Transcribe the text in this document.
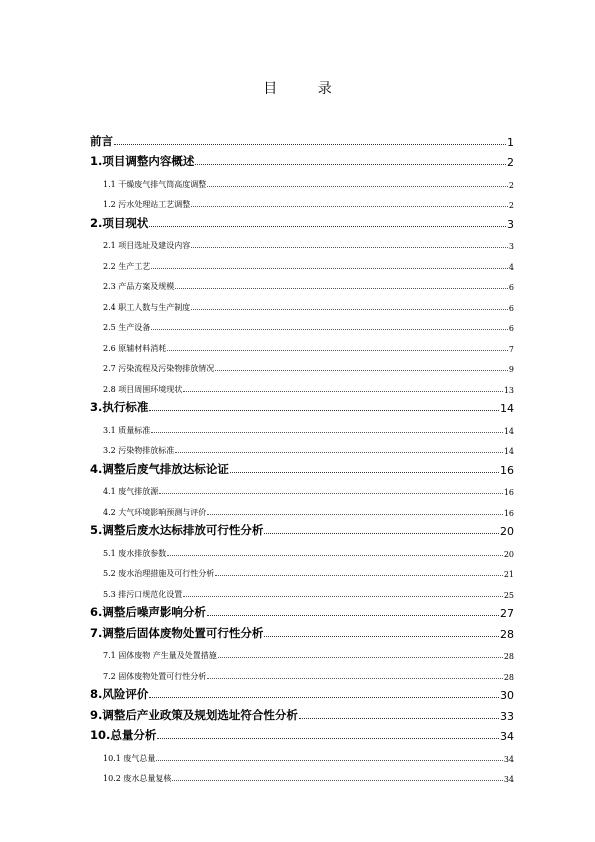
目 录
前言	1
1.项目调整内容概述	2
1.1 干燥废气排气筒高度调整	2
1.2 污水处理站工艺调整	2
2.项目现状	3
2.1 项目选址及建设内容	3
2.2 生产工艺	4
2.3 产品方案及规模	6
2.4 职工人数与生产制度	6
2.5 生产设备	6
2.6 原辅材料消耗	7
2.7 污染流程及污染物排放情况	9
2.8 项目周围环境现状	13
3.执行标准	14
3.1 质量标准	14
3.2 污染物排放标准	14
4.调整后废气排放达标论证	16
4.1 废气排放源	16
4.2 大气环境影响预测与评价	16
5.调整后废水达标排放可行性分析	20
5.1 废水排放参数	20
5.2 废水治理措施及可行性分析	21
5.3 排污口规范化设置	25
6.调整后噪声影响分析	27
7.调整后固体废物处置可行性分析	28
7.1 固体废物 产生量及处置措施	28
7.2 固体废物处置可行性分析	28
8.风险评价	30
9.调整后产业政策及规划选址符合性分析	33
10.总量分析	34
10.1 废气总量	34
10.2 废水总量复核	34
